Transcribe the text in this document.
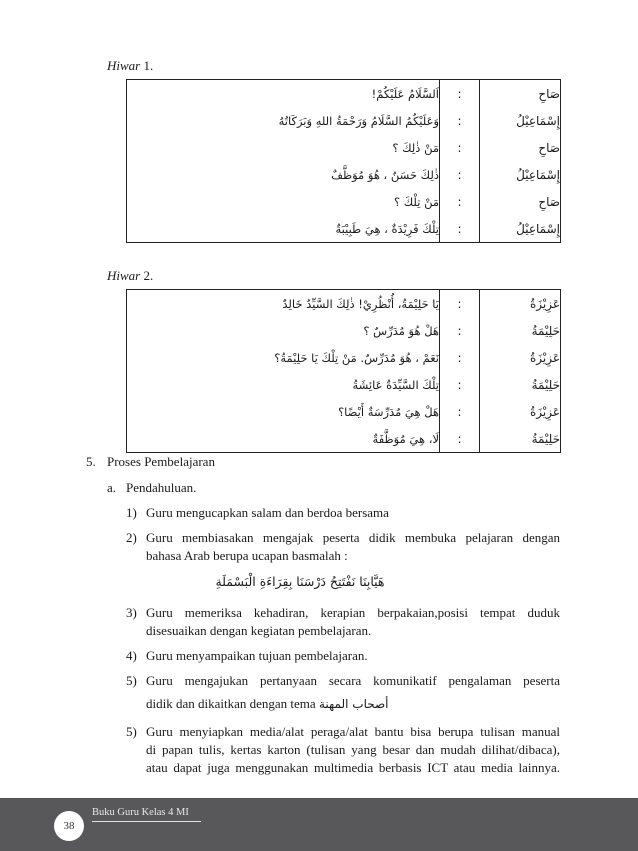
Hiwar 1.
اَلسَّلَامُ عَلَيْكُمْ!	:	صَاحِ
وَعَلَيْكُمُ السَّلَامُ وَرَحْمَةُ اللهِ وَبَرَكَاتُهُ	:	إِسْمَاعِيْلُ
مَنْ ذٰلِكَ ؟	:	صَاحِ
ذٰلِكَ حَسَنٌ ، هُوَ مُوَظَّفٌ	:	إِسْمَاعِيْلُ
مَنْ تِلْكَ ؟	:	صَاحِ
تِلْكَ فَرِيْدَةٌ ، هِيَ طَبِيْبَةٌ	:	إِسْمَاعِيْلُ
Hiwar 2.
يَا حَلِيْمَةُ، أُنْظُرِيْ! ذٰلِكَ السَّيِّدُ خَالِدٌ	:	عَزِيْزَةُ
هَلْ هُوَ مُدَرِّسٌ ؟	:	حَلِيْمَةُ
نَعَمْ ، هُوَ مُدَرِّسٌ. مَنْ تِلْكَ يَا حَلِيْمَةُ؟	:	عَزِيْزَةُ
تِلْكَ السَّيِّدَةُ عَائِشَةُ	:	حَلِيْمَةُ
هَلْ هِيَ مُدَرِّسَةٌ أَيْضًا؟	:	عَزِيْزَةُ
لَا، هِيَ مُوَظَّفَةٌ	:	حَلِيْمَةُ
5. Proses Pembelajaran
a. Pendahuluan.
1) Guru mengucapkan salam dan berdoa bersama
2) Guru membiasakan mengajak peserta didik membuka pelajaran dengan
bahasa Arab berupa ucapan basmalah :
هَيَّابِنَا نَفْتَتِحُ دَرْسَنَا بِقِرَاءَةِ الْبَسْمَلَةِ
3) Guru memeriksa kehadiran, kerapian berpakaian,posisi tempat duduk
disesuaikan dengan kegiatan pembelajaran.
4) Guru menyampaikan tujuan pembelajaran.
5) Guru mengajukan pertanyaan secara komunikatif pengalaman peserta
didik dan dikaitkan dengan tema أصحاب المهنة
5) Guru menyiapkan media/alat peraga/alat bantu bisa berupa tulisan manual
di papan tulis, kertas karton (tulisan yang besar dan mudah dilihat/dibaca),
atau dapat juga menggunakan multimedia berbasis ICT atau media lainnya.
38
Buku Guru Kelas 4 MI
